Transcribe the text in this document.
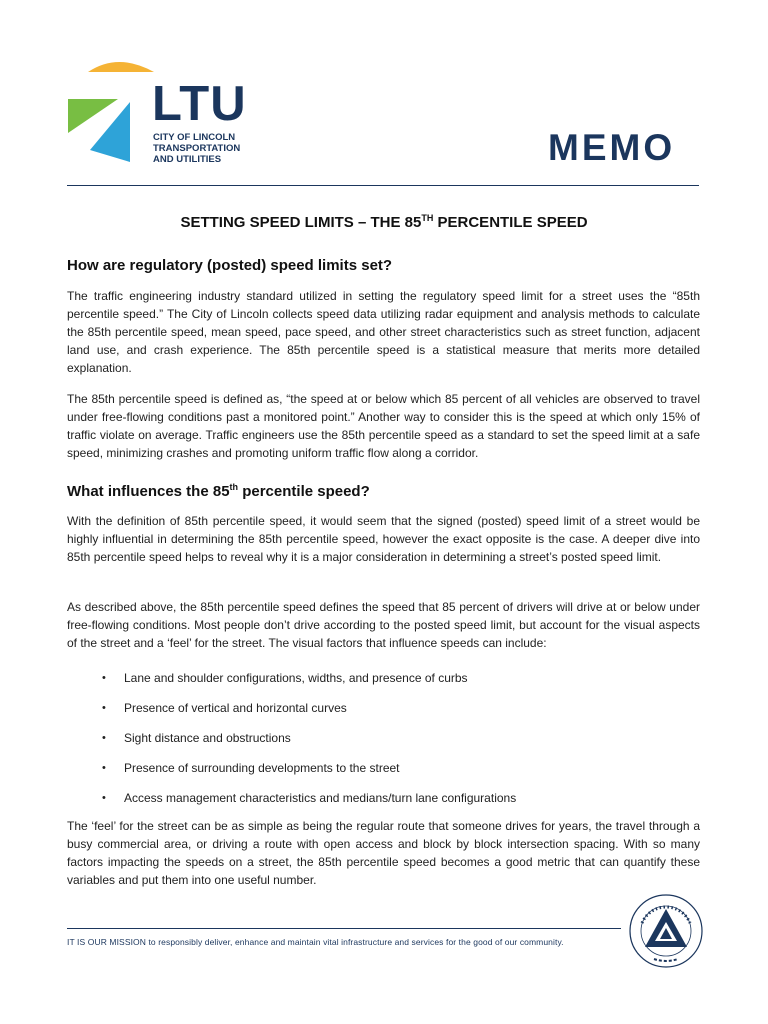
LTU
CITY OF LINCOLN
TRANSPORTATION
AND UTILITIES	MEMO
SETTING SPEED LIMITS – THE 85TH PERCENTILE SPEED
How are regulatory (posted) speed limits set?

The traffic engineering industry standard utilized in setting the regulatory speed limit for a street uses the “85th percentile speed.” The City of Lincoln collects speed data utilizing radar equipment and analysis methods to calculate the 85th percentile speed, mean speed, pace speed, and other street characteristics such as street function, adjacent land use, and crash experience. The 85th percentile speed is a statistical measure that merits more detailed explanation.

The 85th percentile speed is defined as, “the speed at or below which 85 percent of all vehicles are observed to travel under free-flowing conditions past a monitored point.” Another way to consider this is the speed at which only 15% of traffic violate on average. Traffic engineers use the 85th percentile speed as a standard to set the speed limit at a safe speed, minimizing crashes and promoting uniform traffic flow along a corridor.

What influences the 85th percentile speed?

With the definition of 85th percentile speed, it would seem that the signed (posted) speed limit of a street would be highly influential in determining the 85th percentile speed, however the exact opposite is the case. A deeper dive into 85th percentile speed helps to reveal why it is a major consideration in determining a street’s posted speed limit.

As described above, the 85th percentile speed defines the speed that 85 percent of drivers will drive at or below under free-flowing conditions. Most people don’t drive according to the posted speed limit, but account for the visual aspects of the street and a ‘feel’ for the street. The visual factors that influence speeds can include:

• Lane and shoulder configurations, widths, and presence of curbs
• Presence of vertical and horizontal curves
• Sight distance and obstructions
• Presence of surrounding developments to the street
• Access management characteristics and medians/turn lane configurations

The ‘feel’ for the street can be as simple as being the regular route that someone drives for years, the travel through a busy commercial area, or driving a route with open access and block by block intersection spacing. With so many factors impacting the speeds on a street, the 85th percentile speed becomes a good metric that can quantify these variables and put them into one useful number.

IT IS OUR MISSION to responsibly deliver, enhance and maintain vital infrastructure and services for the good of our community.
